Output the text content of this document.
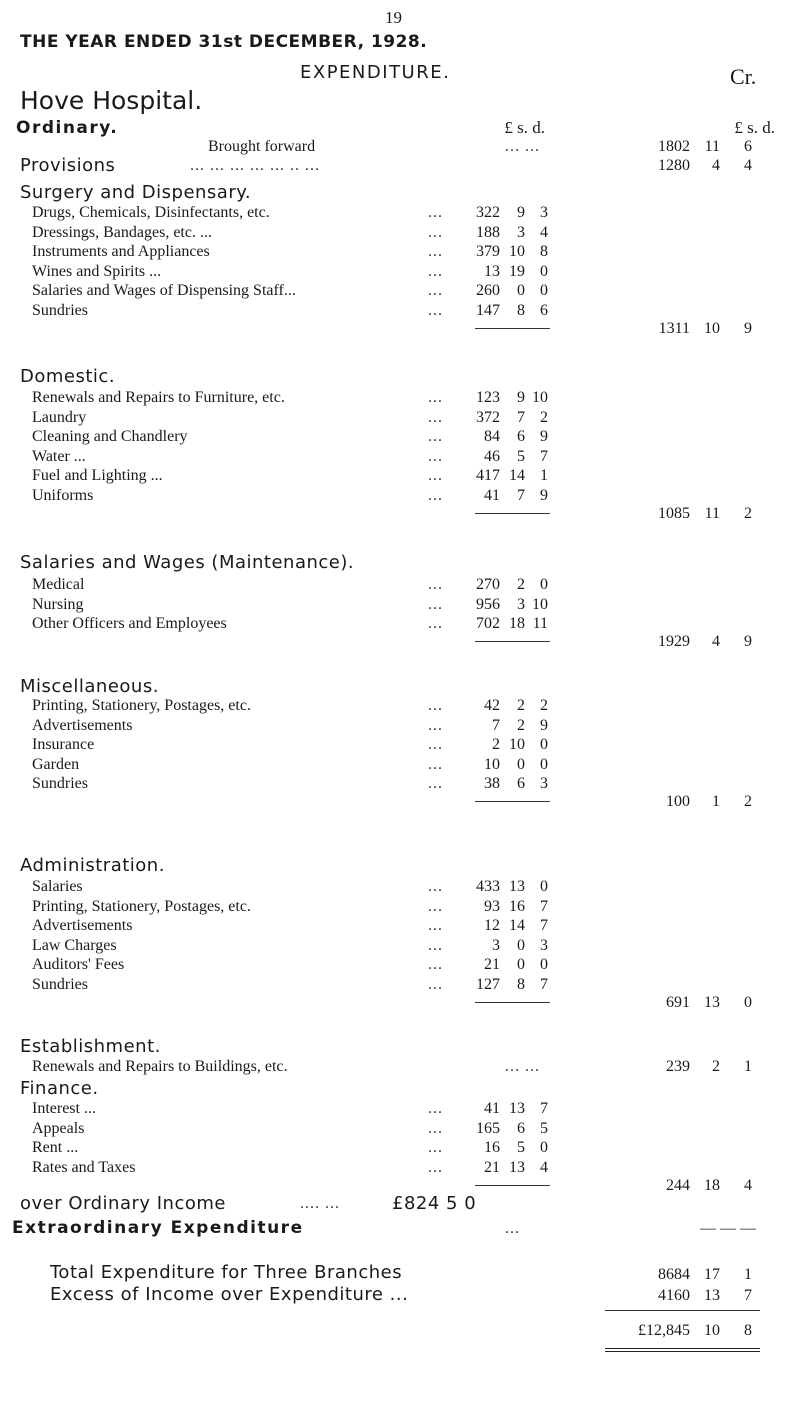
19
THE YEAR ENDED 31st DECEMBER, 1928.
EXPENDITURE.	Cr.
Hove Hospital.
Ordinary.	£ s. d.	£ s. d.
Brought forward	... ...	1802 11	6
Provisions	... ... ... ... ... .. ...	1280	4	4
Surgery and Dispensary.
Drugs, Chemicals, Disinfectants, etc.	...	322	9 3
Dressings, Bandages, etc. ...	...	188	3 4
Instruments and Appliances	...	379 10 8
Wines and Spirits ...	...	13 19 0
Salaries and Wages of Dispensing Staff...	...	260	0 0
Sundries	...	147	8 6
1311 10	9
Domestic.
Renewals and Repairs to Furniture, etc.	...	123	9 10
Laundry	...	372	7 2
Cleaning and Chandlery	...	84	6 9
Water ...	...	46	5 7
Fuel and Lighting ...	...	417 14 1
Uniforms	...	41	7 9
1085 11	2
Salaries and Wages (Maintenance).
Medical	...	270	2 0
Nursing	...	956	3 10
Other Officers and Employees	...	702 18 11
1929	4	9
Miscellaneous.
Printing, Stationery, Postages, etc.	...	42	2 2
Advertisements	...	7	2 9
Insurance	...	2 10 0
Garden	...	10	0 0
Sundries	...	38	6 3
100	1	2
Administration.
Salaries	...	433 13 0
Printing, Stationery, Postages, etc.	...	93 16 7
Advertisements	...	12 14 7
Law Charges	...	3	0 3
Auditors' Fees	...	21	0 0
Sundries	...	127	8 7
691 13	0
Establishment.
Renewals and Repairs to Buildings, etc.	... ...	239	2	1
Finance.
Interest ...	...	41 13 7
Appeals	...	165	6 5
Rent ...	...	16	5 0
Rates and Taxes	...	21 13 4
244 18	4
over Ordinary Income	.... ...	£824 5 0
Extraordinary Expenditure	...	— — —
Total Expenditure for Three Branches	8684 17	1
Excess of Income over Expenditure ...	4160 13	7
£12,845 10	8
